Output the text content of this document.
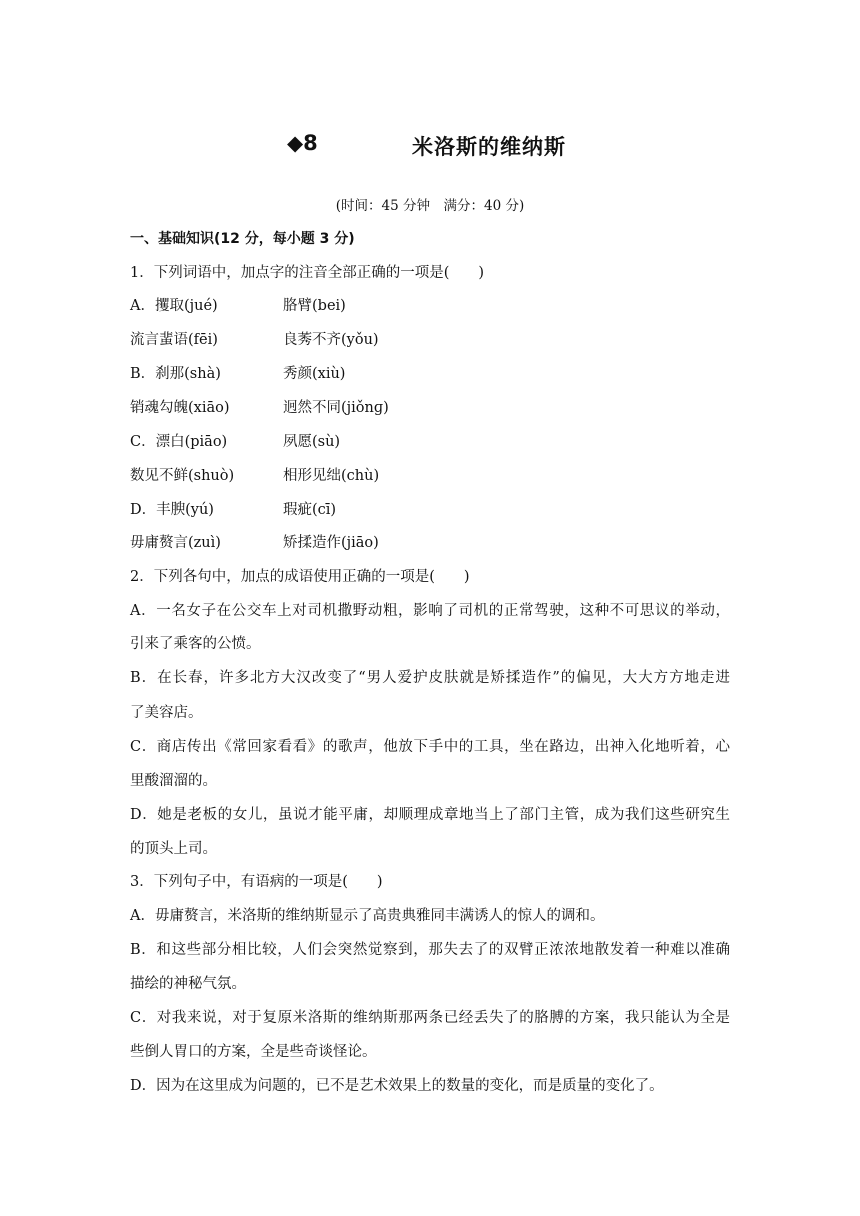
◆8	米洛斯的维纳斯
(时间：45 分钟　满分：40 分)
一、基础知识(12 分，每小题 3 分)
1．下列词语中，加点字的注音全部正确的一项是(　　)
A．攫取(jué)	胳臂(bei)
流言蜚语(fēi)	良莠不齐(yǒu)
B．刹那(shà)	秀颜(xiù)
销魂勾魄(xiāo)	迥然不同(jiǒnɡ)
C．漂白(piāo)	夙愿(sù)
数见不鲜(shuò)	相形见绌(chù)
D．丰腴(yú)	瑕疵(cī)
毋庸赘言(zuì)	矫揉造作(jiāo)
2．下列各句中，加点的成语使用正确的一项是(　　)
A．一名女子在公交车上对司机撒野动粗，影响了司机的正常驾驶，这种不可思议的举动，
引来了乘客的公愤。
B．在长春，许多北方大汉改变了“男人爱护皮肤就是矫揉造作”的偏见，大大方方地走进
了美容店。
C．商店传出《常回家看看》的歌声，他放下手中的工具，坐在路边，出神入化地听着，心
里酸溜溜的。
D．她是老板的女儿，虽说才能平庸，却顺理成章地当上了部门主管，成为我们这些研究生
的顶头上司。
3．下列句子中，有语病的一项是(　　)
A．毋庸赘言，米洛斯的维纳斯显示了高贵典雅同丰满诱人的惊人的调和。
B．和这些部分相比较，人们会突然觉察到，那失去了的双臂正浓浓地散发着一种难以准确
描绘的神秘气氛。
C．对我来说，对于复原米洛斯的维纳斯那两条已经丢失了的胳膊的方案，我只能认为全是
些倒人胃口的方案，全是些奇谈怪论。
D．因为在这里成为问题的，已不是艺术效果上的数量的变化，而是质量的变化了。
